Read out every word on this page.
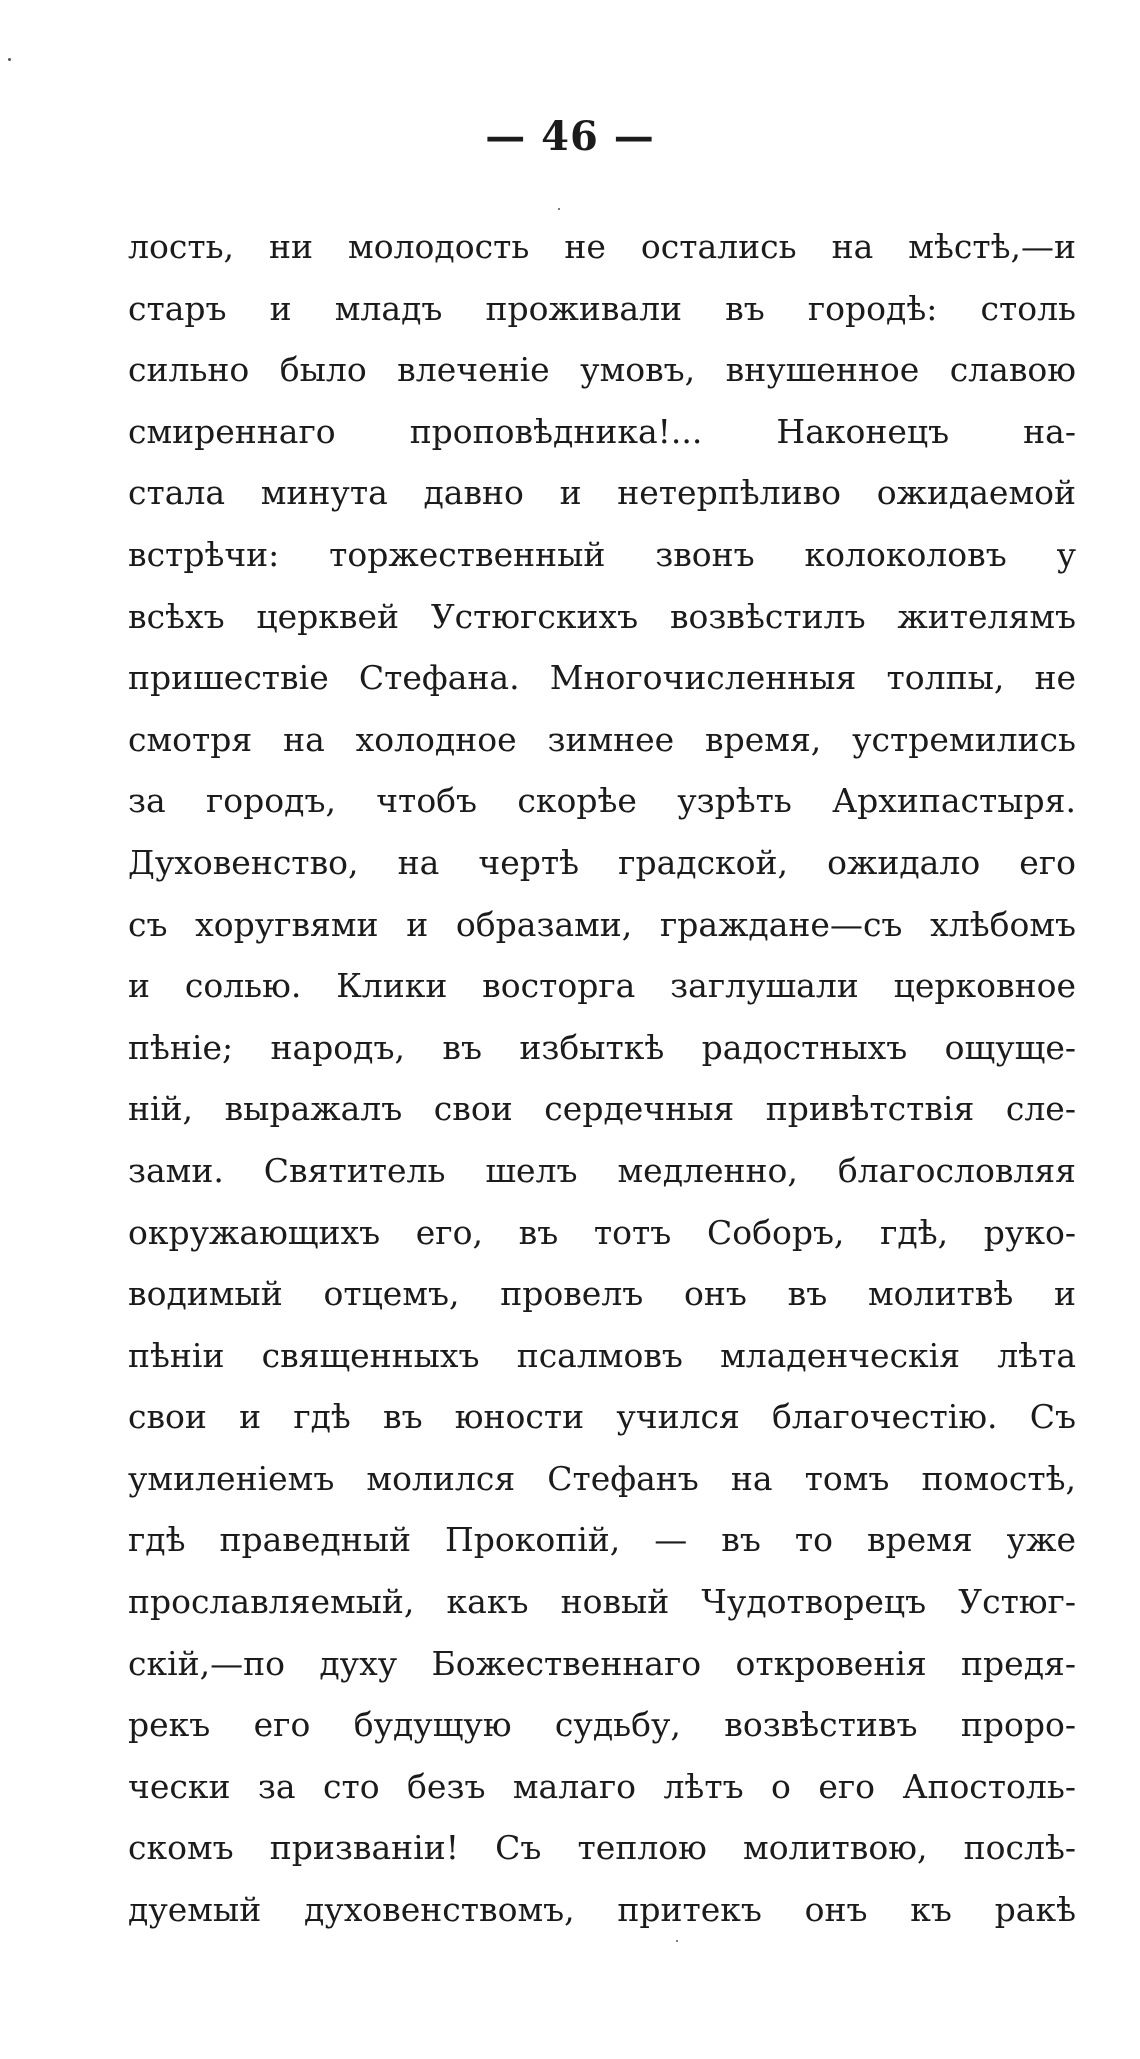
— 46 —
лость, ни молодость не остались на мѣстѣ,—и
старъ и младъ проживали въ городѣ: столь
сильно было влеченіе умовъ, внушенное славою
смиреннаго проповѣдника!... Наконецъ на-
стала минута давно и нетерпѣливо ожидаемой
встрѣчи: торжественный звонъ колоколовъ у
всѣхъ церквей Устюгскихъ возвѣстилъ жителямъ
пришествіе Стефана. Многочисленныя толпы, не
смотря на холодное зимнее время, устремились
за городъ, чтобъ скорѣе узрѣть Архипастыря.
Духовенство, на чертѣ градской, ожидало его
съ хоругвями и образами, граждане—съ хлѣбомъ
и солью. Клики восторга заглушали церковное
пѣніе; народъ, въ избыткѣ радостныхъ ощуще-
ній, выражалъ свои сердечныя привѣтствія сле-
зами. Святитель шелъ медленно, благословляя
окружающихъ его, въ тотъ Соборъ, гдѣ, руко-
водимый отцемъ, провелъ онъ въ молитвѣ и
пѣніи священныхъ псалмовъ младенческія лѣта
свои и гдѣ въ юности учился благочестію. Съ
умиленіемъ молился Стефанъ на томъ помостѣ,
гдѣ праведный Прокопій, — въ то время уже
прославляемый, какъ новый Чудотворецъ Устюг-
скій,—по духу Божественнаго откровенія предя-
рекъ его будущую судьбу, возвѣстивъ проро-
чески за сто безъ малаго лѣтъ о его Апостоль-
скомъ призваніи! Съ теплою молитвою, послѣ-
дуемый духовенствомъ, притекъ онъ къ ракѣ
